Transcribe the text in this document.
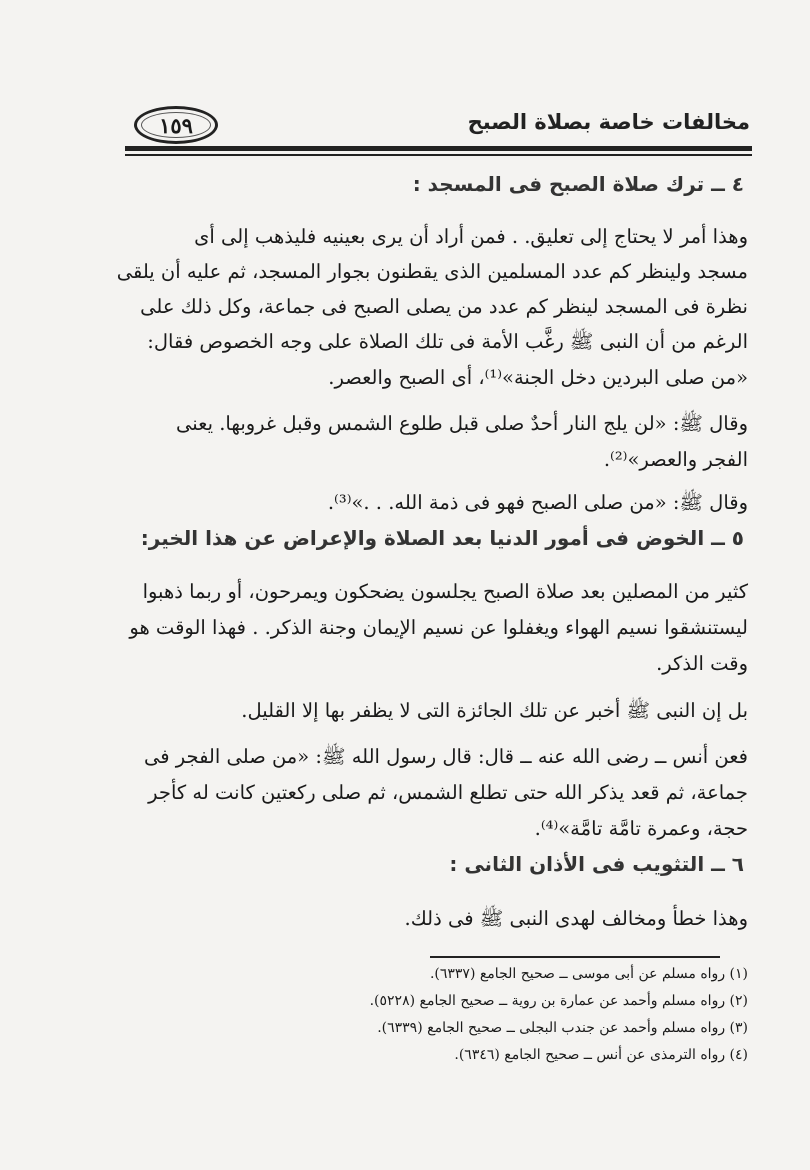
مخالفات خاصة بصلاة الصبح
١٥٩
٤ ــ ترك صلاة الصبح فى المسجد :
وهذا أمر لا يحتاج إلى تعليق. . فمن أراد أن يرى بعينيه فليذهب إلى أى
مسجد ولينظر كم عدد المسلمين الذى يقطنون بجوار المسجد، ثم عليه أن يلقى
نظرة فى المسجد لينظر كم عدد من يصلى الصبح فى جماعة، وكل ذلك على
الرغم من أن النبى ﷺ رغَّب الأمة فى تلك الصلاة على وجه الخصوص فقال:
«من صلى البردين دخل الجنة»⁽¹⁾، أى الصبح والعصر.
وقال ﷺ: «لن يلج النار أحدٌ صلى قبل طلوع الشمس وقبل غروبها. يعنى
الفجر والعصر»⁽²⁾.
وقال ﷺ: «من صلى الصبح فهو فى ذمة الله. . .»⁽³⁾.
٥ ــ الخوض فى أمور الدنيا بعد الصلاة والإعراض عن هذا الخير:
كثير من المصلين بعد صلاة الصبح يجلسون يضحكون ويمرحون، أو ربما ذهبوا
ليستنشقوا نسيم الهواء ويغفلوا عن نسيم الإيمان وجنة الذكر. . فهذا الوقت هو
وقت الذكر.
بل إن النبى ﷺ أخبر عن تلك الجائزة التى لا يظفر بها إلا القليل.
فعن أنس ــ رضى الله عنه ــ قال: قال رسول الله ﷺ: «من صلى الفجر فى
جماعة، ثم قعد يذكر الله حتى تطلع الشمس، ثم صلى ركعتين كانت له كأجر
حجة، وعمرة تامَّة تامَّة»⁽⁴⁾.
٦ ــ التثويب فى الأذان الثانى :
وهذا خطأ ومخالف لهدى النبى ﷺ فى ذلك.
(١) رواه مسلم عن أبى موسى ــ صحيح الجامع (٦٣٣٧).
(٢) رواه مسلم وأحمد عن عمارة بن روية ــ صحيح الجامع (٥٢٢٨).
(٣) رواه مسلم وأحمد عن جندب البجلى ــ صحيح الجامع (٦٣٣٩).
(٤) رواه الترمذى عن أنس ــ صحيح الجامع (٦٣٤٦).
